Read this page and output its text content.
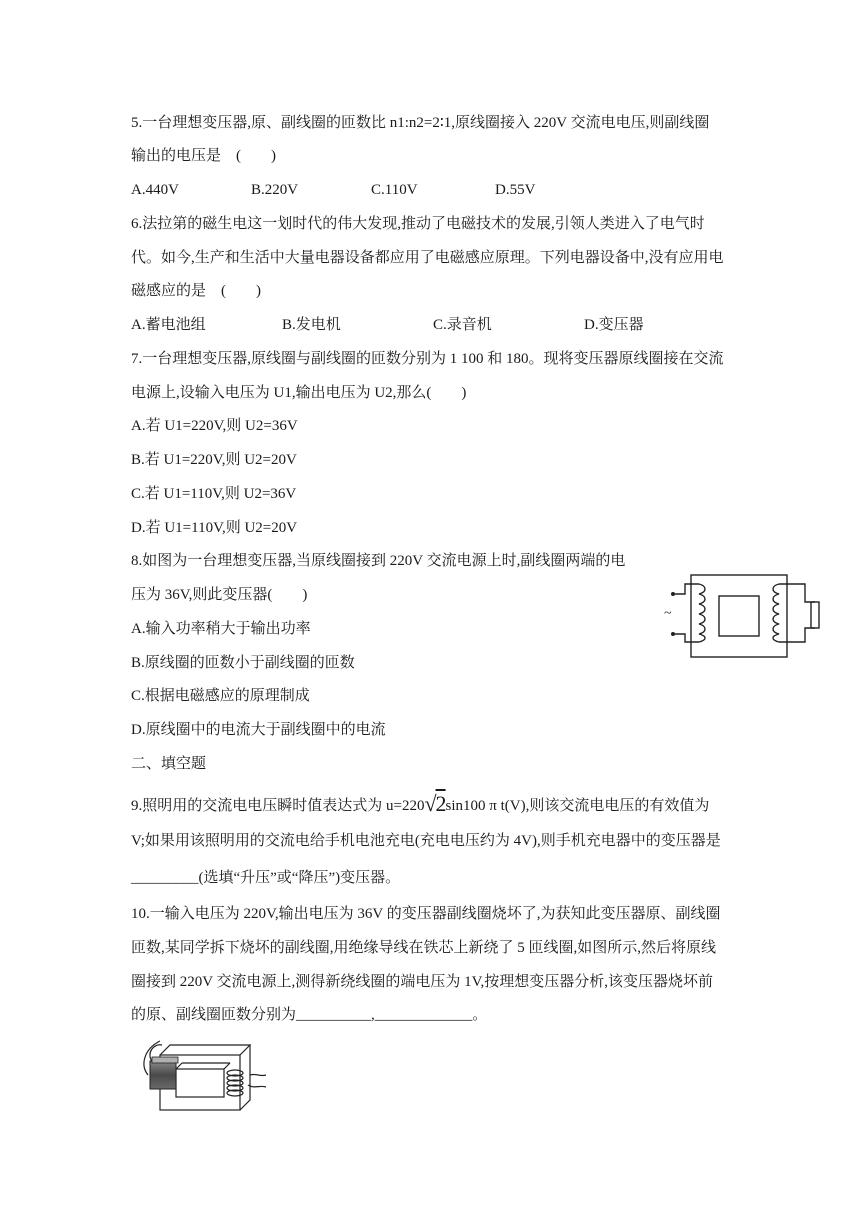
5.一台理想变压器,原、副线圈的匝数比 n1:n2=2∶1,原线圈接入 220V 交流电电压,则副线圈
输出的电压是　(　　)
A.440V	B.220V	C.110V	D.55V
6.法拉第的磁生电这一划时代的伟大发现,推动了电磁技术的发展,引领人类进入了电气时
代。如今,生产和生活中大量电器设备都应用了电磁感应原理。下列电器设备中,没有应用电
磁感应的是　(　　)
A.蓄电池组	B.发电机	C.录音机	D.变压器
7.一台理想变压器,原线圈与副线圈的匝数分别为 1 100 和 180。现将变压器原线圈接在交流
电源上,设输入电压为 U1,输出电压为 U2,那么(　　)
A.若 U1=220V,则 U2=36V
B.若 U1=220V,则 U2=20V
C.若 U1=110V,则 U2=36V
D.若 U1=110V,则 U2=20V
8.如图为一台理想变压器,当原线圈接到 220V 交流电源上时,副线圈两端的电
压为 36V,则此变压器(　　)
A.输入功率稍大于输出功率
B.原线圈的匝数小于副线圈的匝数
C.根据电磁感应的原理制成
D.原线圈中的电流大于副线圈中的电流
~
二、填空题
9.照明用的交流电电压瞬时值表达式为 u=220√2sin100 π t(V),则该交流电电压的有效值为
V;如果用该照明用的交流电给手机电池充电(充电电压约为 4V),则手机充电器中的变压器是
_________(选填“升压”或“降压”)变压器。
10.一输入电压为 220V,输出电压为 36V 的变压器副线圈烧坏了,为获知此变压器原、副线圈
匝数,某同学拆下烧坏的副线圈,用绝缘导线在铁芯上新绕了 5 匝线圈,如图所示,然后将原线
圈接到 220V 交流电源上,测得新绕线圈的端电压为 1V,按理想变压器分析,该变压器烧坏前
的原、副线圈匝数分别为__________,_____________。
